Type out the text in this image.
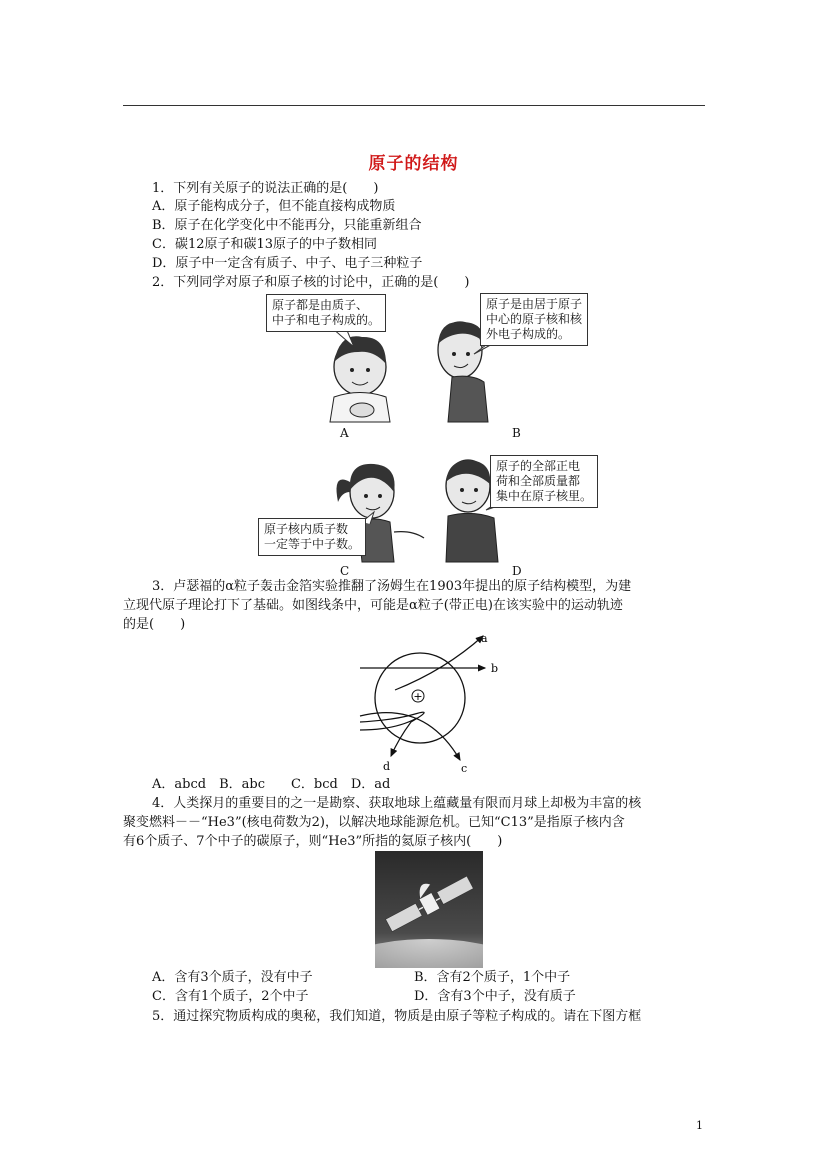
原子的结构
1．下列有关原子的说法正确的是(　　)
A．原子能构成分子，但不能直接构成物质
B．原子在化学变化中不能再分，只能重新组合
C．碳12原子和碳13原子的中子数相同
D．原子中一定含有质子、中子、电子三种粒子
2．下列同学对原子和原子核的讨论中，正确的是(　　)
原子都是由质子、
中子和电子构成的。
原子是由居于原子
中心的原子核和核
外电子构成的。
A	B
原子的全部正电
荷和全部质量都
集中在原子核里。
原子核内质子数
一定等于中子数。
C	D
3．卢瑟福的α粒子轰击金箔实验推翻了汤姆生在1903年提出的原子结构模型，为建
立现代原子理论打下了基础。如图线条中，可能是α粒子(带正电)在该实验中的运动轨迹
的是(　　)
+
a
b
c
d
A．abcd　B．abc　　C．bcd　D．ad
4．人类探月的重要目的之一是勘察、获取地球上蕴藏量有限而月球上却极为丰富的核
聚变燃料－－“He3”(核电荷数为2)，以解决地球能源危机。已知“C13”是指原子核内含
有6个质子、7个中子的碳原子，则“He3”所指的氦原子核内(　　)
A．含有3个质子，没有中子	B．含有2个质子，1个中子
C．含有1个质子，2个中子	D．含有3个中子，没有质子
5．通过探究物质构成的奥秘，我们知道，物质是由原子等粒子构成的。请在下图方框
1
